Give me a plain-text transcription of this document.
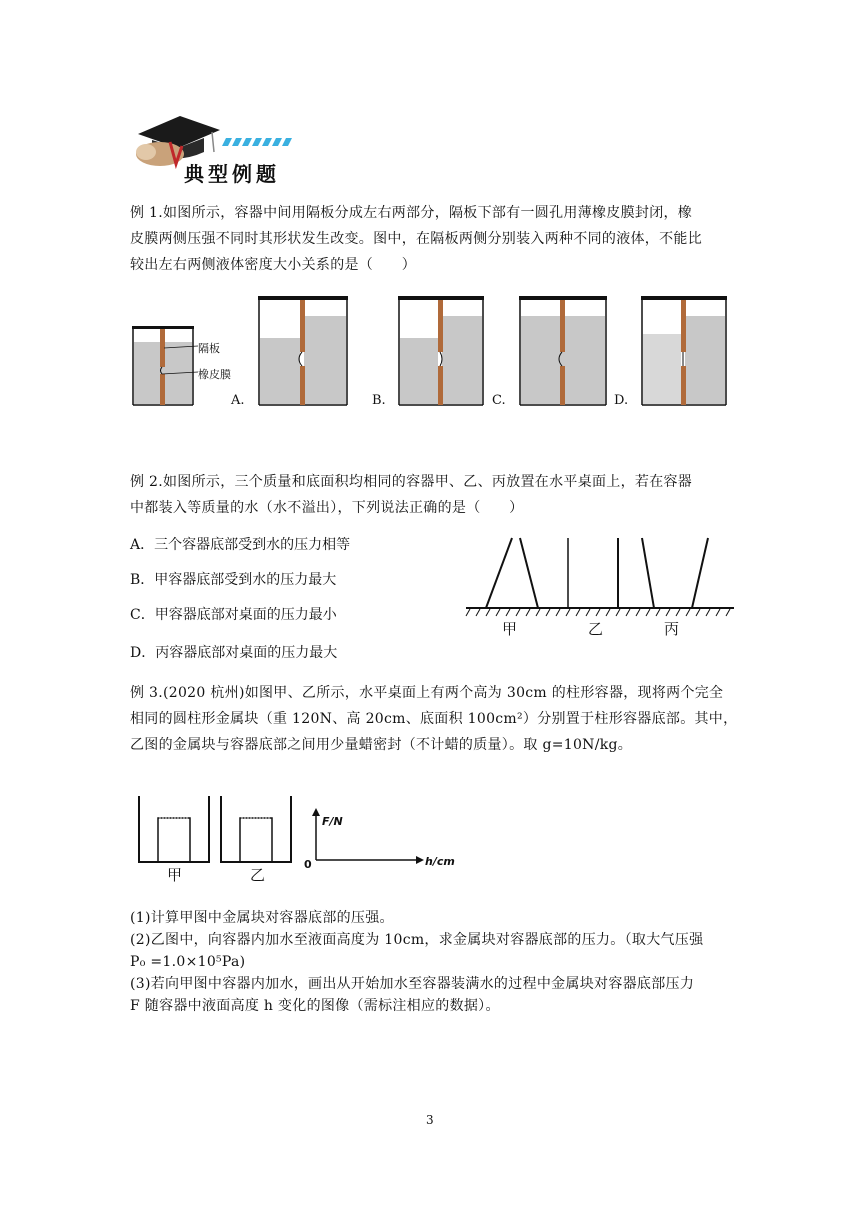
典型例题
例 1.如图所示，容器中间用隔板分成左右两部分，隔板下部有一圆孔用薄橡皮膜封闭，橡
皮膜两侧压强不同时其形状发生改变。图中，在隔板两侧分别装入两种不同的液体，不能比
较出左右两侧液体密度大小关系的是（　　）
隔板
橡皮膜
A.	B.	C.	D.
例 2.如图所示，三个质量和底面积均相同的容器甲、乙、丙放置在水平桌面上，若在容器
中都装入等质量的水（水不溢出），下列说法正确的是（　　）
A．三个容器底部受到水的压力相等
B．甲容器底部受到水的压力最大
C．甲容器底部对桌面的压力最小
D．丙容器底部对桌面的压力最大
甲	乙	丙
例 3.(2020 杭州)如图甲、乙所示，水平桌面上有两个高为 30cm 的柱形容器，现将两个完全
相同的圆柱形金属块（重 120N、高 20cm、底面积 100cm²）分别置于柱形容器底部。其中，
乙图的金属块与容器底部之间用少量蜡密封（不计蜡的质量）。取 g=10N/kg。
甲	乙
F/N
h/cm
0
(1)计算甲图中金属块对容器底部的压强。
(2)乙图中，向容器内加水至液面高度为 10cm，求金属块对容器底部的压力。（取大气压强
P₀ =1.0×10⁵Pa)
(3)若向甲图中容器内加水，画出从开始加水至容器装满水的过程中金属块对容器底部压力
F 随容器中液面高度 h 变化的图像（需标注相应的数据）。
3
